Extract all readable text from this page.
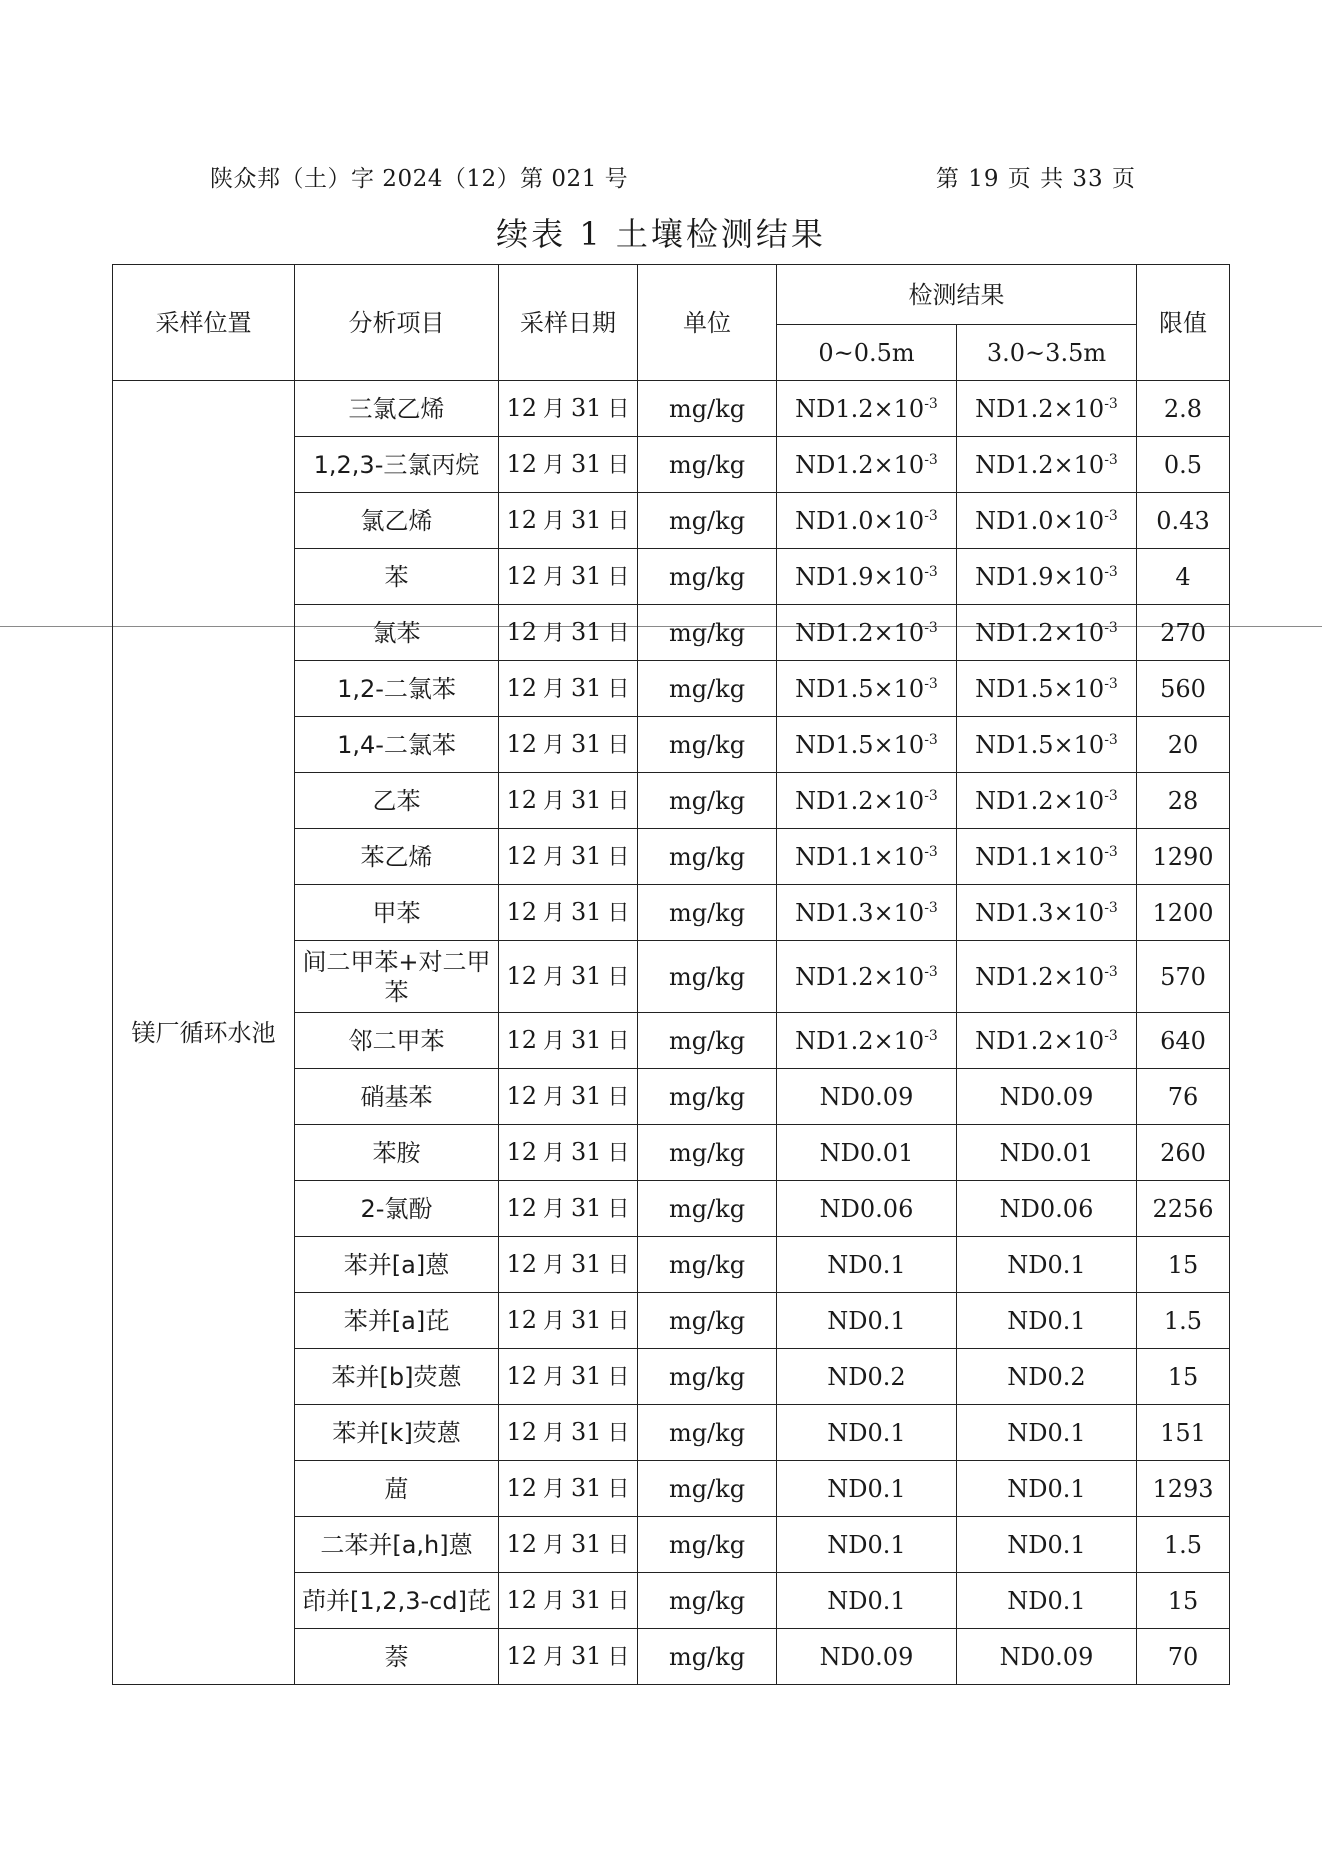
陕众邦（土）字 2024（12）第 021 号	第 19 页 共 33 页
续表 1 土壤检测结果
采样位置	分析项目	采样日期	单位	检测结果		限值
				0~0.5m	3.0~3.5m	
镁厂循环水池	三氯乙烯	12 月 31 日	mg/kg	$ND1.2\times 10^{-3}$	$ND1.2\times 10^{-3}$	2.8
	1,2,3-三氯丙烷	12 月 31 日	mg/kg	$ND1.2\times 10^{-3}$	$ND1.2\times 10^{-3}$	0.5
	氯乙烯	12 月 31 日	mg/kg	$ND1.0\times 10^{-3}$	$ND1.0\times 10^{-3}$	0.43
	苯	12 月 31 日	mg/kg	$ND1.9\times 10^{-3}$	$ND1.9\times 10^{-3}$	4
	氯苯	12 月 31 日	mg/kg	$ND1.2\times 10^{-3}$	$ND1.2\times 10^{-3}$	270
	1,2-二氯苯	12 月 31 日	mg/kg	$ND1.5\times 10^{-3}$	$ND1.5\times 10^{-3}$	560
	1,4-二氯苯	12 月 31 日	mg/kg	$ND1.5\times 10^{-3}$	$ND1.5\times 10^{-3}$	20
	乙苯	12 月 31 日	mg/kg	$ND1.2\times 10^{-3}$	$ND1.2\times 10^{-3}$	28
	苯乙烯	12 月 31 日	mg/kg	$ND1.1\times 10^{-3}$	$ND1.1\times 10^{-3}$	1290
	甲苯	12 月 31 日	mg/kg	$ND1.3\times 10^{-3}$	$ND1.3\times 10^{-3}$	1200
	间二甲苯+对二甲苯	12 月 31 日	mg/kg	$ND1.2\times 10^{-3}$	$ND1.2\times 10^{-3}$	570
	邻二甲苯	12 月 31 日	mg/kg	$ND1.2\times 10^{-3}$	$ND1.2\times 10^{-3}$	640
	硝基苯	12 月 31 日	mg/kg	ND0.09	ND0.09	76
	苯胺	12 月 31 日	mg/kg	ND0.01	ND0.01	260
	2-氯酚	12 月 31 日	mg/kg	ND0.06	ND0.06	2256
	苯并[a]蒽	12 月 31 日	mg/kg	ND0.1	ND0.1	15
	苯并[a]芘	12 月 31 日	mg/kg	ND0.1	ND0.1	1.5
	苯并[b]荧蒽	12 月 31 日	mg/kg	ND0.2	ND0.2	15
	苯并[k]荧蒽	12 月 31 日	mg/kg	ND0.1	ND0.1	151
	䓛	12 月 31 日	mg/kg	ND0.1	ND0.1	1293
	二苯并[a,h]蒽	12 月 31 日	mg/kg	ND0.1	ND0.1	1.5
	茚并[1,2,3-cd]芘	12 月 31 日	mg/kg	ND0.1	ND0.1	15
	萘	12 月 31 日	mg/kg	ND0.09	ND0.09	70
